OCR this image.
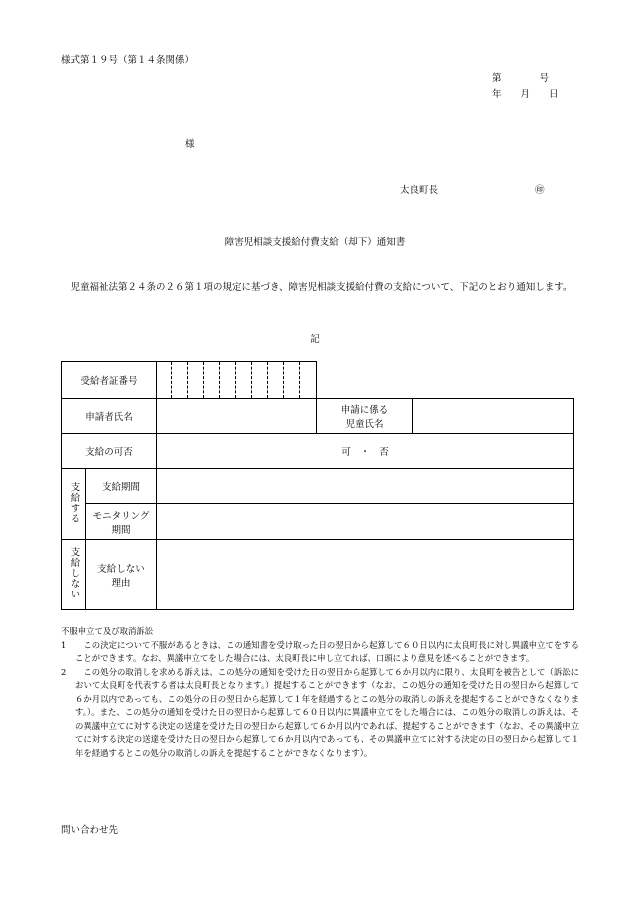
様式第１９号（第１４条関係）
第　　　　号
年　　月　　日
様
太良町長	㊞
障害児相談支援給付費支給（却下）通知書
　児童福祉法第２４条の２６第１項の規定に基づき、障害児相談支援給付費の支給について、下記のとおり通知します。
記
受給者証番号			

申請者氏名			申請に係る
児童氏名	

支給の可否		可　・　否		
支給する	支給期間			

	モニタリング
期間			

支給しない	支給しない
理由			

不服申立て及び取消訴訟
1	この決定について不服があるときは、この通知書を受け取った日の翌日から起算して６０日以内に太良町長に対し異議申立てをすることができます。なお、異議申立てをした場合には、太良町長に申し立てれば、口頭により意見を述べることができます。
2	この処分の取消しを求める訴えは、この処分の通知を受けた日の翌日から起算して６か月以内に限り、太良町を被告として（訴訟において太良町を代表する者は太良町長となります。）提起することができます（なお、この処分の通知を受けた日の翌日から起算して６か月以内であっても、この処分の日の翌日から起算して１年を経過するとこの処分の取消しの訴えを提起することができなくなります。）。また、この処分の通知を受けた日の翌日から起算して６０日以内に異議申立てをした場合には、この処分の取消しの訴えは、その異議申立てに対する決定の送達を受けた日の翌日から起算して６か月以内であれば、提起することができます（なお、その異議申立てに対する決定の送達を受けた日の翌日から起算して６か月以内であっても、その異議申立てに対する決定の日の翌日から起算して１年を経過するとこの処分の取消しの訴えを提起することができなくなります）。
問い合わせ先
